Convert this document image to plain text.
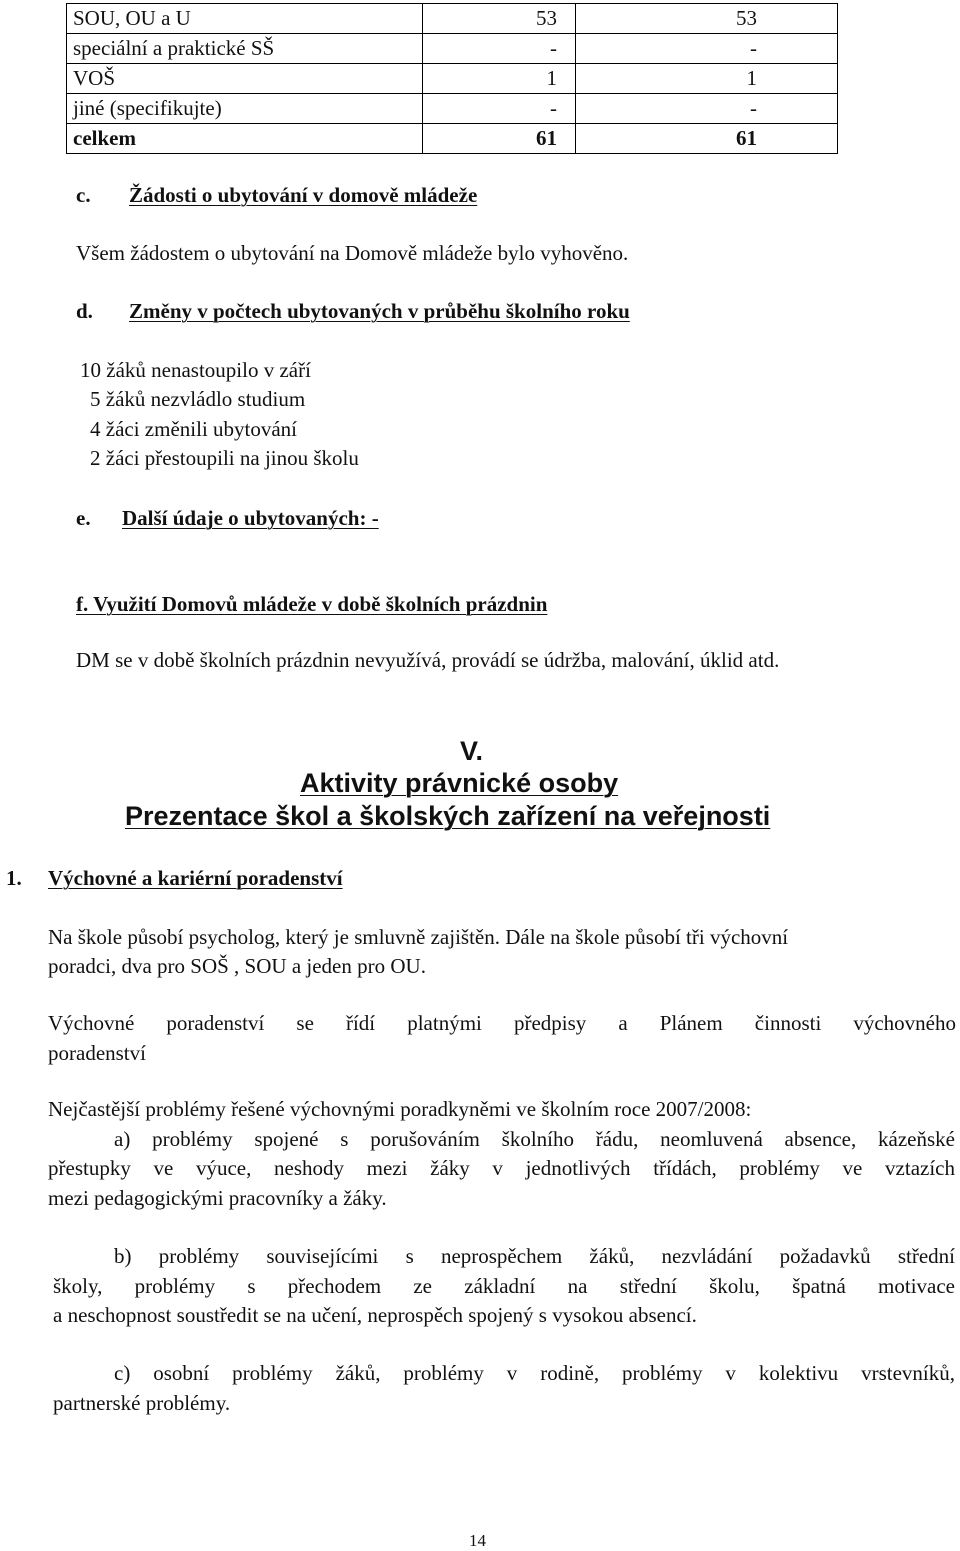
SOU, OU a U	53	53
speciální a praktické SŠ	-	-
VOŠ	1	1
jiné (specifikujte)	-	-
celkem	61	61
c. Žádosti o ubytování v domově mládeže
Všem žádostem o ubytování na Domově mládeže bylo vyhověno.
d. Změny v počtech ubytovaných v průběhu školního roku
10 žáků nenastoupilo v září
5 žáků nezvládlo studium
4 žáci změnili ubytování
2 žáci přestoupili na jinou školu
e. Další údaje o ubytovaných: -
f. Využití Domovů mládeže v době školních prázdnin
DM se v době školních prázdnin nevyužívá, provádí se údržba, malování, úklid atd.
V.
Aktivity právnické osoby
Prezentace škol a školských zařízení na veřejnosti
1. Výchovné a kariérní poradenství
Na škole působí psycholog, který je smluvně zajištěn. Dále na škole působí tři výchovní
poradci, dva pro SOŠ , SOU a jeden pro OU.
Výchovné poradenství se řídí platnými předpisy a Plánem činnosti výchovného
poradenství
Nejčastější problémy řešené výchovnými poradkyněmi ve školním roce 2007/2008:
a) problémy spojené s porušováním školního řádu, neomluvená absence, kázeňské
přestupky ve výuce, neshody mezi žáky v jednotlivých třídách, problémy ve vztazích
mezi pedagogickými pracovníky a žáky.
b) problémy souvisejícími s neprospěchem žáků, nezvládání požadavků střední
školy, problémy s přechodem ze základní na střední školu, špatná motivace
a neschopnost soustředit se na učení, neprospěch spojený s vysokou absencí.
c) osobní problémy žáků, problémy v rodině, problémy v kolektivu vrstevníků,
partnerské problémy.
14
